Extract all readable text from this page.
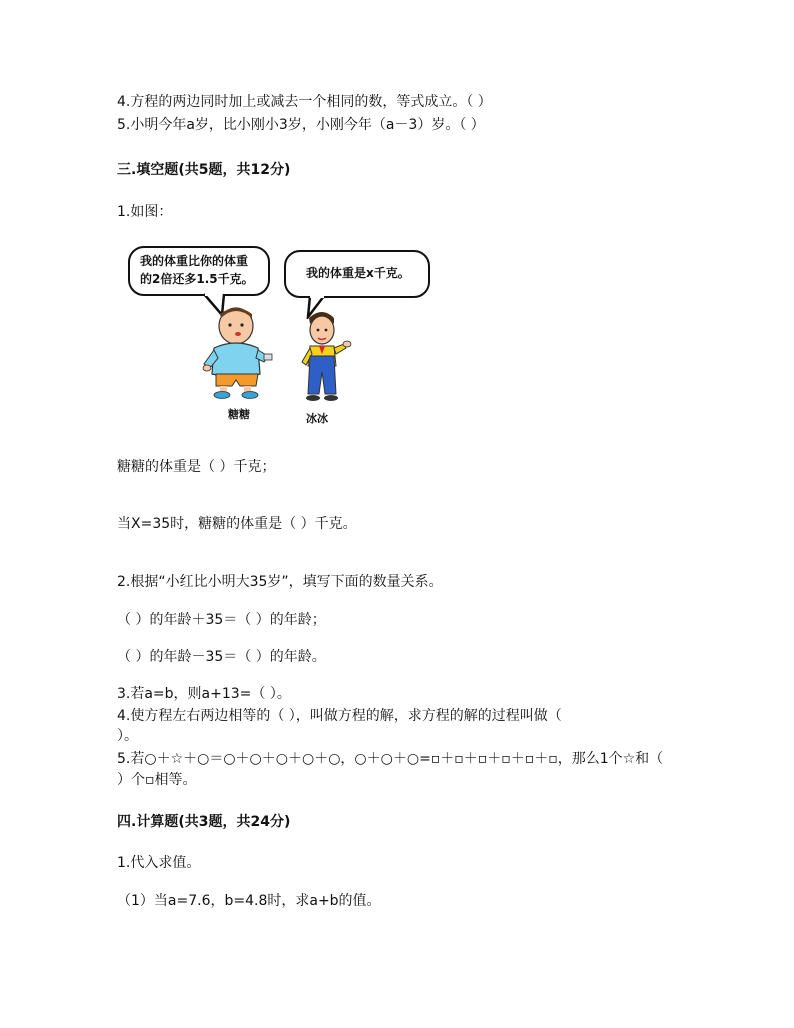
4.方程的两边同时加上或减去一个相同的数，等式成立。（ ）
5.小明今年a岁，比小刚小3岁，小刚今年（a－3）岁。（ ）
三.填空题(共5题，共12分)
1.如图：
我的体重比你的体重
的2倍还多1.5千克。	我的体重是x千克。
糖糖	冰冰
糖糖的体重是（ ）千克；
当X=35时，糖糖的体重是（ ）千克。
2.根据“小红比小明大35岁”，填写下面的数量关系。
（ ）的年龄＋35＝（ ）的年龄；
（ ）的年龄－35＝（ ）的年龄。
3.若a=b，则a+13=（ ）。
4.使方程左右两边相等的（ ），叫做方程的解，求方程的解的过程叫做（
）。
5.若○＋☆＋○＝○＋○＋○＋○＋○，○＋○＋○=▫＋▫＋▫＋▫＋▫＋▫，那么1个☆和（
）个▫相等。
四.计算题(共3题，共24分)
1.代入求值。
（1）当a=7.6，b=4.8时，求a+b的值。
